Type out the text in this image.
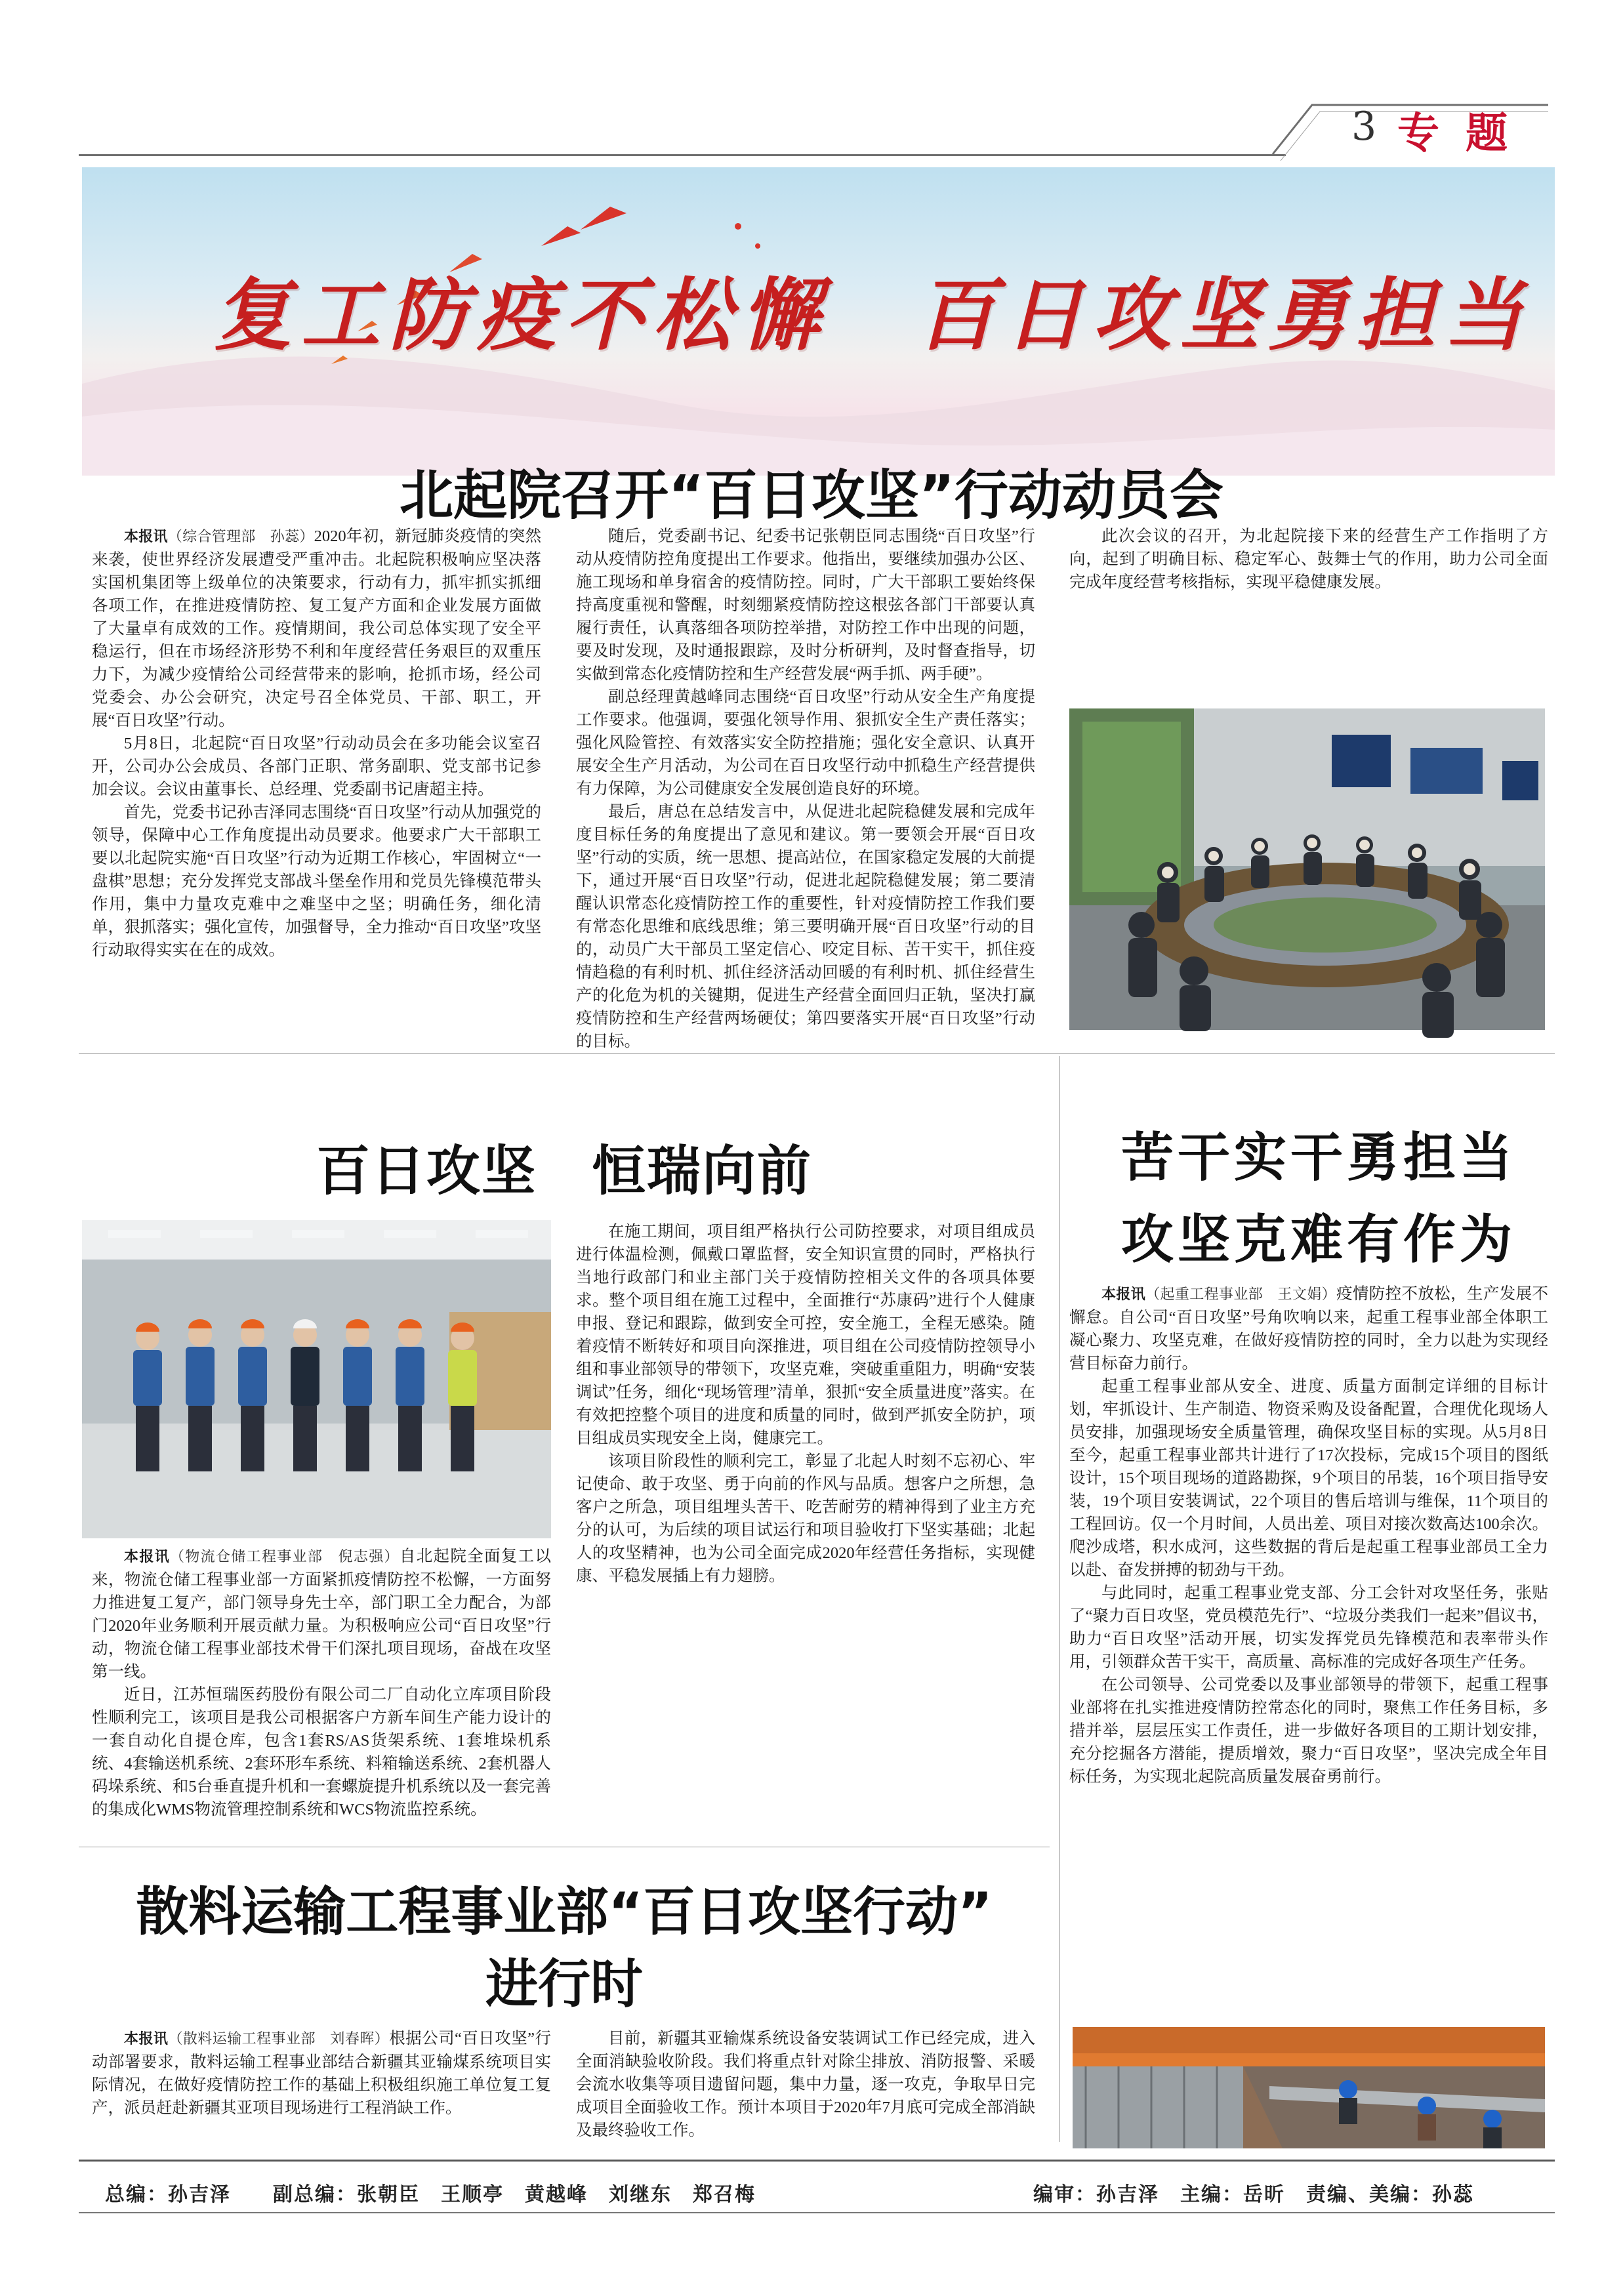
3 专题
复工防疫不松懈　百日攻坚勇担当
北起院召开“百日攻坚”行动动员会

本报讯（综合管理部　孙蕊）2020年初，新冠肺炎疫情的突然来袭，使世界经济发展遭受严重冲击。北起院积极响应坚决落实国机集团等上级单位的决策要求，行动有力，抓牢抓实抓细各项工作，在推进疫情防控、复工复产方面和企业发展方面做了大量卓有成效的工作。疫情期间，我公司总体实现了安全平稳运行，但在市场经济形势不利和年度经营任务艰巨的双重压力下，为减少疫情给公司经营带来的影响，抢抓市场，经公司党委会、办公会研究，决定号召全体党员、干部、职工，开展“百日攻坚”行动。

5月8日，北起院“百日攻坚”行动动员会在多功能会议室召开，公司办公会成员、各部门正职、常务副职、党支部书记参加会议。会议由董事长、总经理、党委副书记唐超主持。

首先，党委书记孙吉泽同志围绕“百日攻坚”行动从加强党的领导，保障中心工作角度提出动员要求。他要求广大干部职工要以北起院实施“百日攻坚”行动为近期工作核心，牢固树立“一盘棋”思想；充分发挥党支部战斗堡垒作用和党员先锋模范带头作用，集中力量攻克难中之难坚中之坚；明确任务，细化清单，狠抓落实；强化宣传，加强督导，全力推动“百日攻坚”攻坚行动取得实实在在的成效。

随后，党委副书记、纪委书记张朝臣同志围绕“百日攻坚”行动从疫情防控角度提出工作要求。他指出，要继续加强办公区、施工现场和单身宿舍的疫情防控。同时，广大干部职工要始终保持高度重视和警醒，时刻绷紧疫情防控这根弦各部门干部要认真履行责任，认真落细各项防控举措，对防控工作中出现的问题，要及时发现，及时通报跟踪，及时分析研判，及时督查指导，切实做到常态化疫情防控和生产经营发展“两手抓、两手硬”。

副总经理黄越峰同志围绕“百日攻坚”行动从安全生产角度提工作要求。他强调，要强化领导作用、狠抓安全生产责任落实；强化风险管控、有效落实安全防控措施；强化安全意识、认真开展安全生产月活动，为公司在百日攻坚行动中抓稳生产经营提供有力保障，为公司健康安全发展创造良好的环境。

最后，唐总在总结发言中，从促进北起院稳健发展和完成年度目标任务的角度提出了意见和建议。第一要领会开展“百日攻坚”行动的实质，统一思想、提高站位，在国家稳定发展的大前提下，通过开展“百日攻坚”行动，促进北起院稳健发展；第二要清醒认识常态化疫情防控工作的重要性，针对疫情防控工作我们要有常态化思维和底线思维；第三要明确开展“百日攻坚”行动的目的，动员广大干部员工坚定信心、咬定目标、苦干实干，抓住疫情趋稳的有利时机、抓住经济活动回暖的有利时机、抓住经营生产的化危为机的关键期，促进生产经营全面回归正轨，坚决打赢疫情防控和生产经营两场硬仗；第四要落实开展“百日攻坚”行动的目标。

此次会议的召开，为北起院接下来的经营生产工作指明了方向，起到了明确目标、稳定军心、鼓舞士气的作用，助力公司全面完成年度经营考核指标，实现平稳健康发展。

百日攻坚　恒瑞向前

本报讯（物流仓储工程事业部　倪志强）自北起院全面复工以来，物流仓储工程事业部一方面紧抓疫情防控不松懈，一方面努力推进复工复产，部门领导身先士卒，部门职工全力配合，为部门2020年业务顺利开展贡献力量。为积极响应公司“百日攻坚”行动，物流仓储工程事业部技术骨干们深扎项目现场，奋战在攻坚第一线。

近日，江苏恒瑞医药股份有限公司二厂自动化立库项目阶段性顺利完工，该项目是我公司根据客户方新车间生产能力设计的一套自动化自提仓库，包含1套RS/AS货架系统、1套堆垛机系统、4套输送机系统、2套环形车系统、料箱输送系统、2套机器人码垛系统、和5台垂直提升机和一套螺旋提升机系统以及一套完善的集成化WMS物流管理控制系统和WCS物流监控系统。

在施工期间，项目组严格执行公司防控要求，对项目组成员进行体温检测，佩戴口罩监督，安全知识宣贯的同时，严格执行当地行政部门和业主部门关于疫情防控相关文件的各项具体要求。整个项目组在施工过程中，全面推行“苏康码”进行个人健康申报、登记和跟踪，做到安全可控，安全施工，全程无感染。随着疫情不断转好和项目向深推进，项目组在公司疫情防控领导小组和事业部领导的带领下，攻坚克难，突破重重阻力，明确“安装调试”任务，细化“现场管理”清单，狠抓“安全质量进度”落实。在有效把控整个项目的进度和质量的同时，做到严抓安全防护，项目组成员实现安全上岗，健康完工。

该项目阶段性的顺利完工，彰显了北起人时刻不忘初心、牢记使命、敢于攻坚、勇于向前的作风与品质。想客户之所想，急客户之所急，项目组埋头苦干、吃苦耐劳的精神得到了业主方充分的认可，为后续的项目试运行和项目验收打下坚实基础；北起人的攻坚精神，也为公司全面完成2020年经营任务指标，实现健康、平稳发展插上有力翅膀。

苦干实干勇担当
攻坚克难有作为

本报讯（起重工程事业部　王文娟）疫情防控不放松，生产发展不懈怠。自公司“百日攻坚”号角吹响以来，起重工程事业部全体职工凝心聚力、攻坚克难，在做好疫情防控的同时，全力以赴为实现经营目标奋力前行。

起重工程事业部从安全、进度、质量方面制定详细的目标计划，牢抓设计、生产制造、物资采购及设备配置，合理优化现场人员安排，加强现场安全质量管理，确保攻坚目标的实现。从5月8日至今，起重工程事业部共计进行了17次投标，完成15个项目的图纸设计，15个项目现场的道路勘探，9个项目的吊装，16个项目指导安装，19个项目安装调试，22个项目的售后培训与维保，11个项目的工程回访。仅一个月时间，人员出差、项目对接次数高达100余次。爬沙成塔，积水成河，这些数据的背后是起重工程事业部员工全力以赴、奋发拼搏的韧劲与干劲。

与此同时，起重工程事业党支部、分工会针对攻坚任务，张贴了“聚力百日攻坚，党员模范先行”、“垃圾分类我们一起来”倡议书，助力“百日攻坚”活动开展，切实发挥党员先锋模范和表率带头作用，引领群众苦干实干，高质量、高标准的完成好各项生产任务。

在公司领导、公司党委以及事业部领导的带领下，起重工程事业部将在扎实推进疫情防控常态化的同时，聚焦工作任务目标，多措并举，层层压实工作责任，进一步做好各项目的工期计划安排，充分挖掘各方潜能，提质增效，聚力“百日攻坚”，坚决完成全年目标任务，为实现北起院高质量发展奋勇前行。

散料运输工程事业部“百日攻坚行动”
进行时

本报讯（散料运输工程事业部　刘春晖）根据公司“百日攻坚”行动部署要求，散料运输工程事业部结合新疆其亚输煤系统项目实际情况，在做好疫情防控工作的基础上积极组织施工单位复工复产，派员赶赴新疆其亚项目现场进行工程消缺工作。

目前，新疆其亚输煤系统设备安装调试工作已经完成，进入全面消缺验收阶段。我们将重点针对除尘排放、消防报警、采暖会流水收集等项目遗留问题，集中力量，逐一攻克，争取早日完成项目全面验收工作。预计本项目于2020年7月底可完成全部消缺及最终验收工作。

总编：孙吉泽　　副总编：张朝臣　王顺亭　黄越峰　刘继东　郑召梅	编审：孙吉泽　主编：岳昕　责编、美编：孙蕊
